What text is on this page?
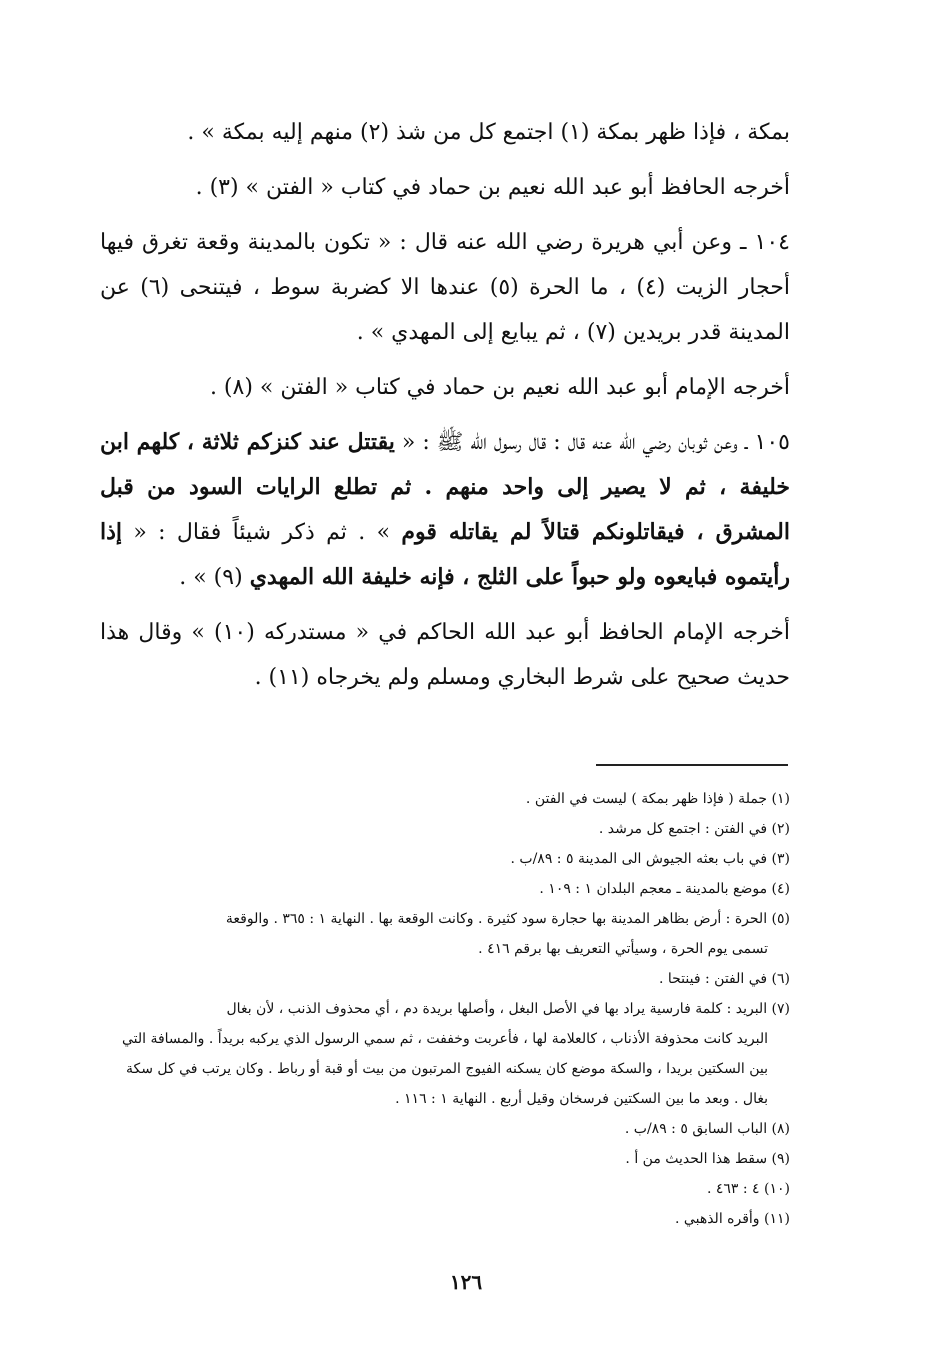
بمكة ، فإذا ظهر بمكة (١) اجتمع كل من شذ (٢) منهم إليه بمكة » .

أخرجه الحافظ أبو عبد الله نعيم بن حماد في كتاب « الفتن » (٣) .

١٠٤ ـ وعن أبي هريرة رضي الله عنه قال : « تكون بالمدينة وقعة تغرق فيها أحجار الزيت (٤) ، ما الحرة (٥) عندها الا كضربة سوط ، فيتنحى (٦) عن المدينة قدر بريدين (٧) ، ثم يبايع إلى المهدي » .

أخرجه الإمام أبو عبد الله نعيم بن حماد في كتاب « الفتن » (٨) .

١٠٥ ـ وعن ثوبان رضي الله عنه قال : قال رسول الله ﷺ : « يقتتل عند كنزكم ثلاثة ، كلهم ابن خليفة ، ثم لا يصير إلى واحد منهم . ثم تطلع الرايات السود من قبل المشرق ، فيقاتلونكم قتالاً لم يقاتله قوم » . ثم ذكر شيئاً فقال : « إذا رأيتموه فبايعوه ولو حبواً على الثلج ، فإنه خليفة الله المهدي (٩) » .

أخرجه الإمام الحافظ أبو عبد الله الحاكم في « مستدركه (١٠) » وقال هذا حديث صحيح على شرط البخاري ومسلم ولم يخرجاه (١١) .

(١) جملة ( فإذا ظهر بمكة ) ليست في الفتن .

(٢) في الفتن : اجتمع كل مرشد .

(٣) في باب بعثه الجيوش الى المدينة ٥ : ٨٩/ب .

(٤) موضع بالمدينة ـ معجم البلدان ١ : ١٠٩ .

(٥) الحرة : أرض بظاهر المدينة بها حجارة سود كثيرة . وكانت الوقعة بها . النهاية ١ : ٣٦٥ . والوقعة
تسمى يوم الحرة ، وسيأتي التعريف بها برقم ٤١٦ .

(٦) في الفتن : فينتحا .

(٧) البريد : كلمة فارسية يراد بها في الأصل البغل ، وأصلها بريدة دم ، أي محذوف الذنب ، لأن بغال
البريد كانت محذوفة الأذناب ، كالعلامة لها ، فأعربت وخففت ، ثم سمي الرسول الذي يركبه بريداً . والمسافة التي بين السكتين بريدا ، والسكة موضع كان يسكنه الفيوج المرتبون من بيت أو قبة أو رباط . وكان يرتب في كل سكة بغال . وبعد ما بين السكتين فرسخان وقيل أربع . النهاية ١ : ١١٦ .

(٨) الباب السابق ٥ : ٨٩/ب .

(٩) سقط هذا الحديث من أ .

(١٠) ٤ : ٤٦٣ .

(١١) وأقره الذهبي .

١٢٦
